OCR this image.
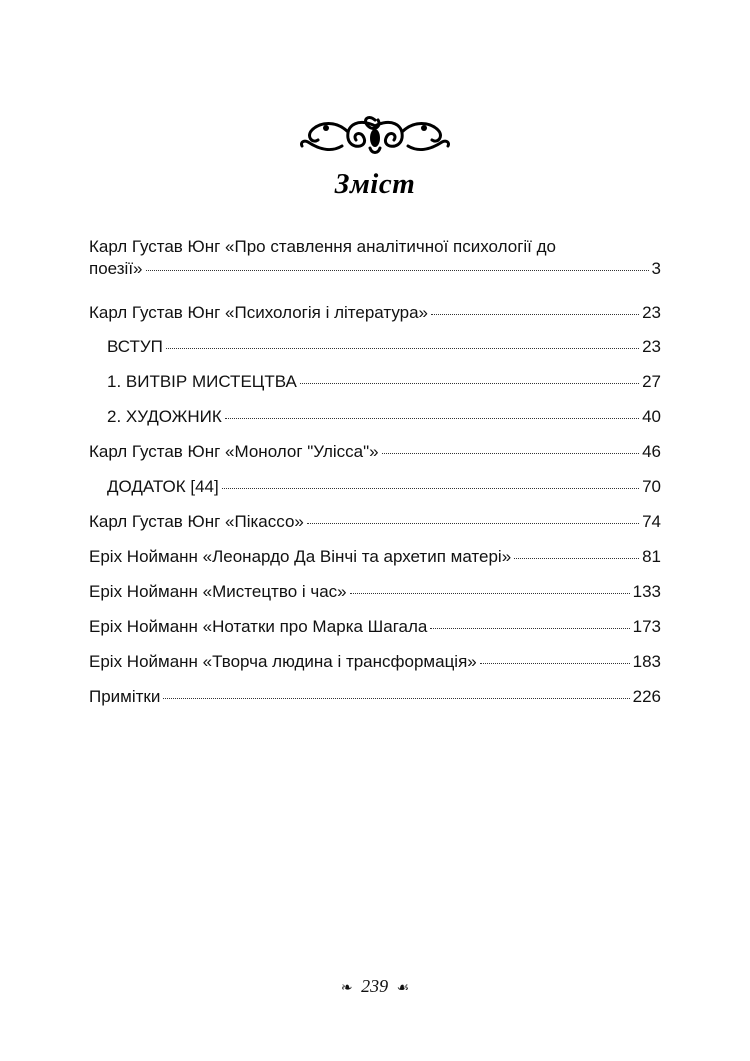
Зміст
Карл Густав Юнг «Про ставлення аналітичної психології до
поезії»	3
Карл Густав Юнг «Психологія і література»	23
ВСТУП	23
1. ВИТВІР МИСТЕЦТВА	27
2. ХУДОЖНИК	40
Карл Густав Юнг «Монолог "Улісса"»	46
ДОДАТОК [44]	70
Карл Густав Юнг «Пікассо»	74
Еріх Нойманн «Леонардо Да Вінчі та архетип матері»	81
Еріх Нойманн «Мистецтво і час»	133
Еріх Нойманн «Нотатки про Марка Шагала	173
Еріх Нойманн «Творча людина і трансформація»	183
Примітки	226
❧ 239 ☙
